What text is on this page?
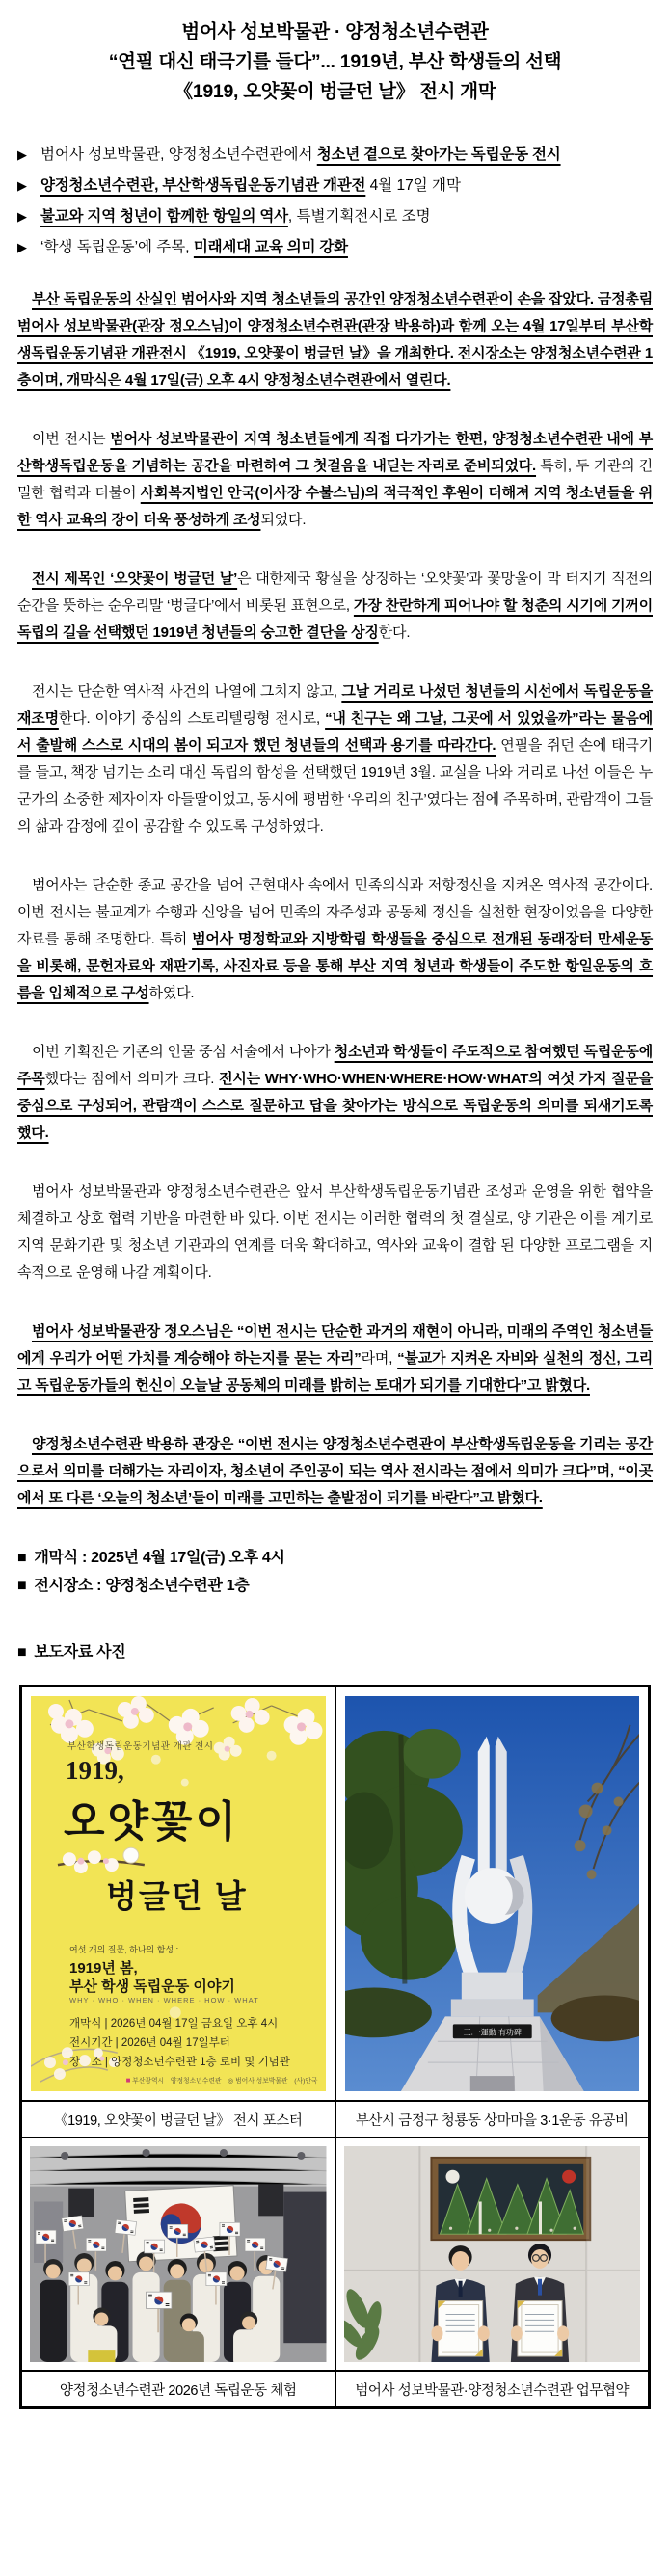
범어사 성보박물관 · 양정청소년수련관
“연필 대신 태극기를 들다”... 1919년, 부산 학생들의 선택
《1919, 오얏꽃이 벙글던 날》 전시 개막
▶ 범어사 성보박물관, 양정청소년수련관에서 청소년 곁으로 찾아가는 독립운동 전시
▶ 양정청소년수련관, 부산학생독립운동기념관 개관전 4월 17일 개막
▶ 불교와 지역 청년이 함께한 항일의 역사, 특별기획전시로 조명
▶ ‘학생 독립운동’에 주목, 미래세대 교육 의미 강화

부산 독립운동의 산실인 범어사와 지역 청소년들의 공간인 양정청소년수련관이 손을 잡았다. 금정총림 범어사 성보박물관(관장 정오스님)이 양정청소년수련관(관장 박용하)과 함께 오는 4월 17일부터 부산학생독립운동기념관 개관전시 《1919, 오얏꽃이 벙글던 날》을 개최한다. 전시장소는 양정청소년수련관 1층이며, 개막식은 4월 17일(금) 오후 4시 양정청소년수련관에서 열린다.

이번 전시는 범어사 성보박물관이 지역 청소년들에게 직접 다가가는 한편, 양정청소년수련관 내에 부산학생독립운동을 기념하는 공간을 마련하여 그 첫걸음을 내딛는 자리로 준비되었다. 특히, 두 기관의 긴밀한 협력과 더불어 사회복지법인 안국(이사장 수불스님)의 적극적인 후원이 더해져 지역 청소년들을 위한 역사 교육의 장이 더욱 풍성하게 조성되었다.

전시 제목인 ‘오얏꽃이 벙글던 날’은 대한제국 황실을 상징하는 ‘오얏꽃’과 꽃망울이 막 터지기 직전의 순간을 뜻하는 순우리말 ‘벙글다’에서 비롯된 표현으로, 가장 찬란하게 피어나야 할 청춘의 시기에 기꺼이 독립의 길을 선택했던 1919년 청년들의 숭고한 결단을 상징한다.

전시는 단순한 역사적 사건의 나열에 그치지 않고, 그날 거리로 나섰던 청년들의 시선에서 독립운동을 재조명한다. 이야기 중심의 스토리텔링형 전시로, “내 친구는 왜 그날, 그곳에 서 있었을까”라는 물음에서 출발해 스스로 시대의 봄이 되고자 했던 청년들의 선택과 용기를 따라간다. 연필을 쥐던 손에 태극기를 들고, 책장 넘기는 소리 대신 독립의 함성을 선택했던 1919년 3월. 교실을 나와 거리로 나선 이들은 누군가의 소중한 제자이자 아들딸이었고, 동시에 평범한 ‘우리의 친구’였다는 점에 주목하며, 관람객이 그들의 삶과 감정에 깊이 공감할 수 있도록 구성하였다.

범어사는 단순한 종교 공간을 넘어 근현대사 속에서 민족의식과 저항정신을 지켜온 역사적 공간이다. 이번 전시는 불교계가 수행과 신앙을 넘어 민족의 자주성과 공동체 정신을 실천한 현장이었음을 다양한 자료를 통해 조명한다. 특히 범어사 명정학교와 지방학림 학생들을 중심으로 전개된 동래장터 만세운동을 비롯해, 문헌자료와 재판기록, 사진자료 등을 통해 부산 지역 청년과 학생들이 주도한 항일운동의 흐름을 입체적으로 구성하였다.

이번 기획전은 기존의 인물 중심 서술에서 나아가 청소년과 학생들이 주도적으로 참여했던 독립운동에 주목했다는 점에서 의미가 크다. 전시는 WHY·WHO·WHEN·WHERE·HOW·WHAT의 여섯 가지 질문을 중심으로 구성되어, 관람객이 스스로 질문하고 답을 찾아가는 방식으로 독립운동의 의미를 되새기도록 했다.

범어사 성보박물관과 양정청소년수련관은 앞서 부산학생독립운동기념관 조성과 운영을 위한 협약을 체결하고 상호 협력 기반을 마련한 바 있다. 이번 전시는 이러한 협력의 첫 결실로, 양 기관은 이를 계기로 지역 문화기관 및 청소년 기관과의 연계를 더욱 확대하고, 역사와 교육이 결합 된 다양한 프로그램을 지속적으로 운영해 나갈 계획이다.

범어사 성보박물관장 정오스님은 “이번 전시는 단순한 과거의 재현이 아니라, 미래의 주역인 청소년들에게 우리가 어떤 가치를 계승해야 하는지를 묻는 자리”라며, “불교가 지켜온 자비와 실천의 정신, 그리고 독립운동가들의 헌신이 오늘날 공동체의 미래를 밝히는 토대가 되기를 기대한다”고 밝혔다.

양정청소년수련관 박용하 관장은 “이번 전시는 양정청소년수련관이 부산학생독립운동을 기리는 공간으로서 의미를 더해가는 자리이자, 청소년이 주인공이 되는 역사 전시라는 점에서 의미가 크다”며, “이곳에서 또 다른 ‘오늘의 청소년’들이 미래를 고민하는 출발점이 되기를 바란다”고 밝혔다.

■ 개막식 : 2025년 4월 17일(금) 오후 4시
■ 전시장소 : 양정청소년수련관 1층
■ 보도자료 사진
부산학생독립운동기념관 개관 전시
1919,
오얏꽃이
벙글던 날
여섯 개의 질문, 하나의 함성 :
1919년 봄,
부산 학생 독립운동 이야기
WHY · WHO · WHEN · WHERE · HOW · WHAT
개막식 | 2026년 04월 17일 금요일 오후 4시
전시기간 | 2026년 04월 17일부터
장　소 | 양정청소년수련관 1층 로비 및 기념관
■ 부산광역시　양정청소년수련관　◎ 범어사 성보박물관　(사)안국
三.一運動 有功碑
《1919, 오얏꽃이 벙글던 날》 전시 포스터	부산시 금정구 청룡동 상마마을 3·1운동 유공비
양정청소년수련관 2026년 독립운동 체험	범어사 성보박물관·양정청소년수련관 업무협약
